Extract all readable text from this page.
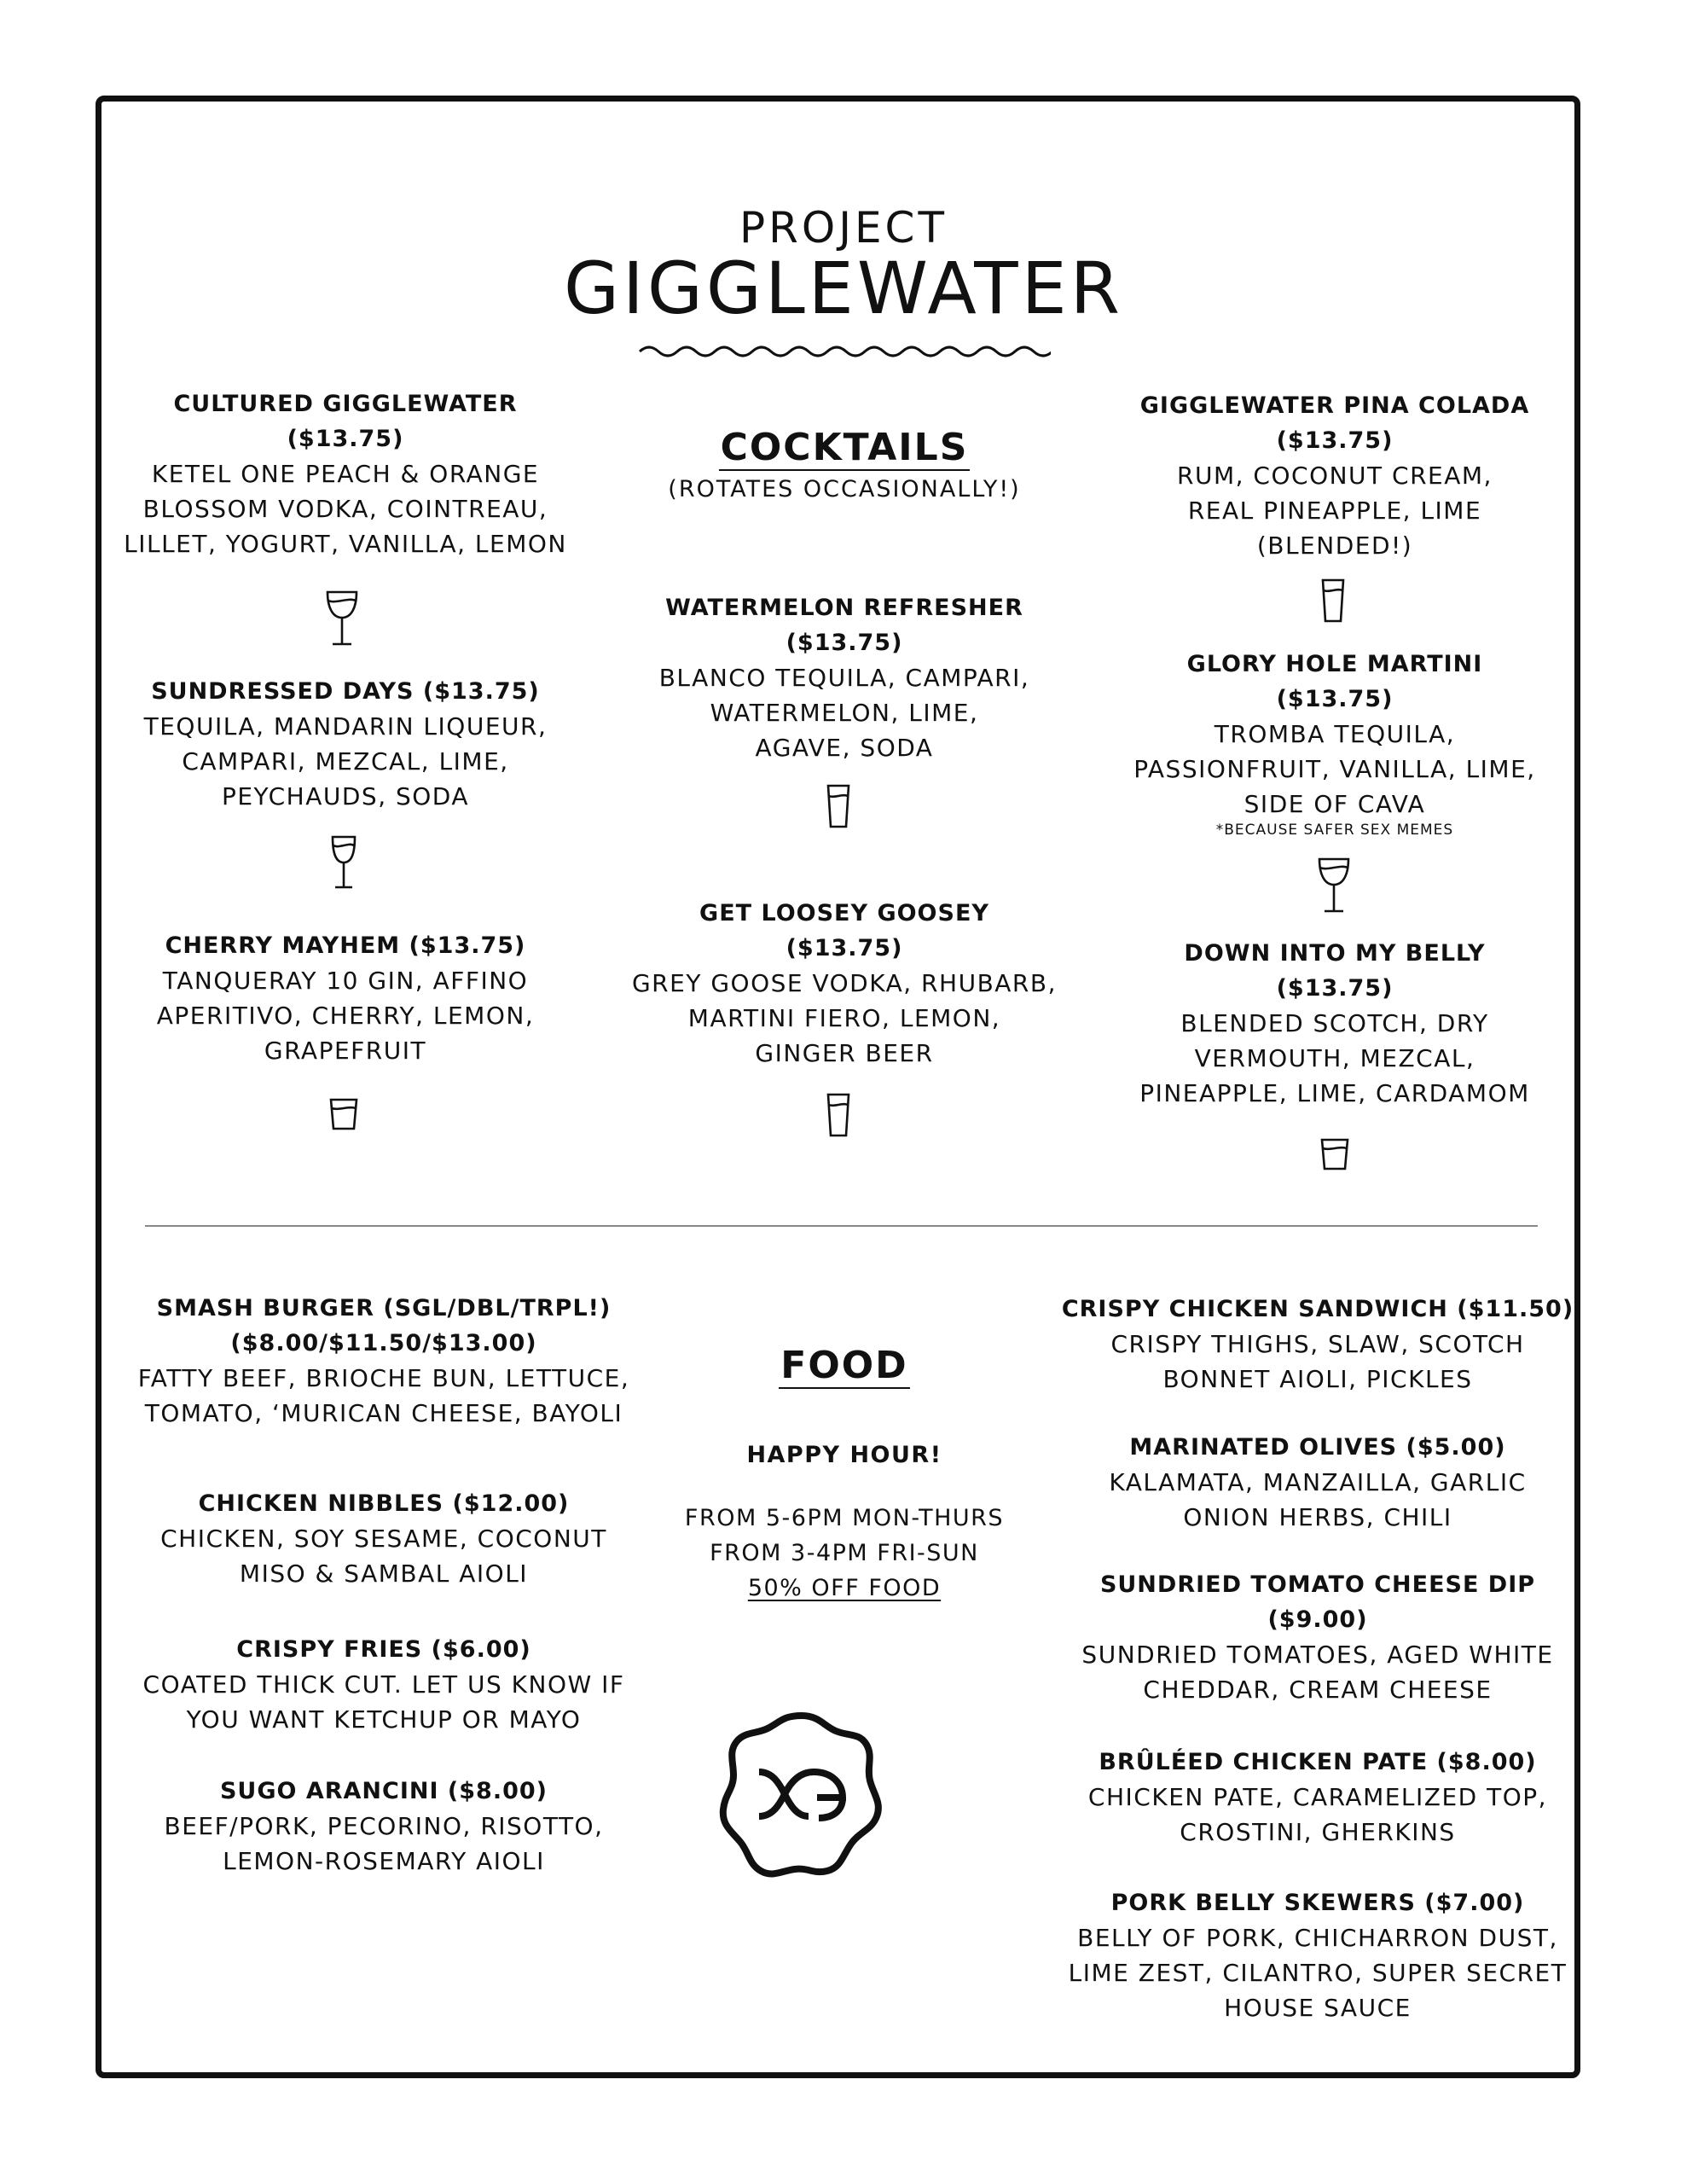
PROJECT
GIGGLEWATER
COCKTAILS
(ROTATES OCCASIONALLY!)
CULTURED GIGGLEWATER
($13.75)
KETEL ONE PEACH & ORANGE
BLOSSOM VODKA, COINTREAU,
LILLET, YOGURT, VANILLA, LEMON
SUNDRESSED DAYS ($13.75)
TEQUILA, MANDARIN LIQUEUR,
CAMPARI, MEZCAL, LIME,
PEYCHAUDS, SODA
CHERRY MAYHEM ($13.75)
TANQUERAY 10 GIN, AFFINO
APERITIVO, CHERRY, LEMON,
GRAPEFRUIT
WATERMELON REFRESHER
($13.75)
BLANCO TEQUILA, CAMPARI,
WATERMELON, LIME,
AGAVE, SODA
GET LOOSEY GOOSEY
($13.75)
GREY GOOSE VODKA, RHUBARB,
MARTINI FIERO, LEMON,
GINGER BEER
GIGGLEWATER PINA COLADA
($13.75)
RUM, COCONUT CREAM,
REAL PINEAPPLE, LIME
(BLENDED!)
GLORY HOLE MARTINI
($13.75)
TROMBA TEQUILA,
PASSIONFRUIT, VANILLA, LIME,
SIDE OF CAVA
*BECAUSE SAFER SEX MEMES
DOWN INTO MY BELLY
($13.75)
BLENDED SCOTCH, DRY
VERMOUTH, MEZCAL,
PINEAPPLE, LIME, CARDAMOM
FOOD
HAPPY HOUR!
FROM 5-6PM MON-THURS
FROM 3-4PM FRI-SUN
50% OFF FOOD
SMASH BURGER (SGL/DBL/TRPL!)
($8.00/$11.50/$13.00)
FATTY BEEF, BRIOCHE BUN, LETTUCE,
TOMATO, ‘MURICAN CHEESE, BAYOLI
CHICKEN NIBBLES ($12.00)
CHICKEN, SOY SESAME, COCONUT
MISO & SAMBAL AIOLI
CRISPY FRIES ($6.00)
COATED THICK CUT. LET US KNOW IF
YOU WANT KETCHUP OR MAYO
SUGO ARANCINI ($8.00)
BEEF/PORK, PECORINO, RISOTTO,
LEMON-ROSEMARY AIOLI
CRISPY CHICKEN SANDWICH ($11.50)
CRISPY THIGHS, SLAW, SCOTCH
BONNET AIOLI, PICKLES
MARINATED OLIVES ($5.00)
KALAMATA, MANZAILLA, GARLIC
ONION HERBS, CHILI
SUNDRIED TOMATO CHEESE DIP
($9.00)
SUNDRIED TOMATOES, AGED WHITE
CHEDDAR, CREAM CHEESE
BRÛLÉED CHICKEN PATE ($8.00)
CHICKEN PATE, CARAMELIZED TOP,
CROSTINI, GHERKINS
PORK BELLY SKEWERS ($7.00)
BELLY OF PORK, CHICHARRON DUST,
LIME ZEST, CILANTRO, SUPER SECRET
HOUSE SAUCE
